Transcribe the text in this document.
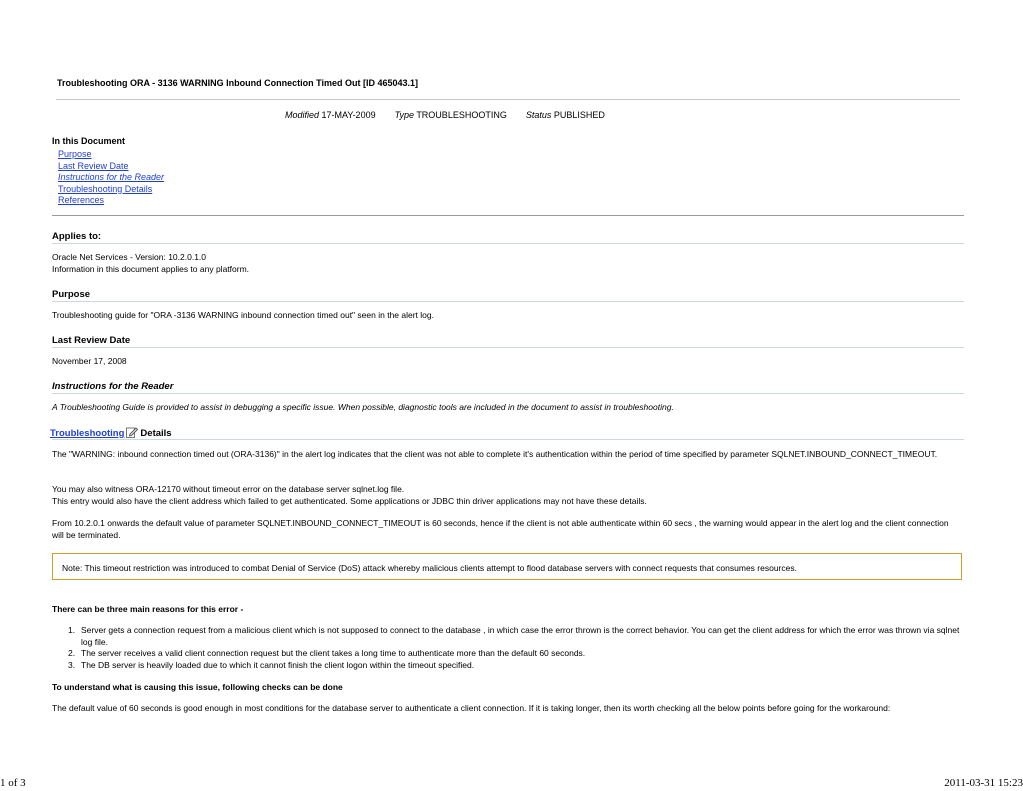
Troubleshooting ORA - 3136 WARNING Inbound Connection Timed Out [ID 465043.1]
Modified 17-MAY-2009 Type TROUBLESHOOTING Status PUBLISHED
In this Document
Purpose
Last Review Date
Instructions for the Reader
Troubleshooting Details
References
Applies to:
Oracle Net Services - Version: 10.2.0.1.0
Information in this document applies to any platform.
Purpose
Troubleshooting guide for "ORA -3136 WARNING inbound connection timed out" seen in the alert log.
Last Review Date
November 17, 2008
Instructions for the Reader
A Troubleshooting Guide is provided to assist in debugging a specific issue. When possible, diagnostic tools are included in the document to assist in troubleshooting.
Troubleshooting Details
The "WARNING: inbound connection timed out (ORA-3136)" in the alert log indicates that the client was not able to complete it's authentication within the period of time specified by parameter SQLNET.INBOUND_CONNECT_TIMEOUT.
You may also witness ORA-12170 without timeout error on the database server sqlnet.log file.
This entry would also have the client address which failed to get authenticated. Some applications or JDBC thin driver applications may not have these details.
From 10.2.0.1 onwards the default value of parameter SQLNET.INBOUND_CONNECT_TIMEOUT is 60 seconds, hence if the client is not able authenticate within 60 secs , the warning would appear in the alert log and the client connection will be terminated.
Note: This timeout restriction was introduced to combat Denial of Service (DoS) attack whereby malicious clients attempt to flood database servers with connect requests that consumes resources.
There can be three main reasons for this error -
1. Server gets a connection request from a malicious client which is not supposed to connect to the database , in which case the error thrown is the correct behavior. You can get the client address for which the error was thrown via sqlnet log file.
2. The server receives a valid client connection request but the client takes a long time to authenticate more than the default 60 seconds.
3. The DB server is heavily loaded due to which it cannot finish the client logon within the timeout specified.
To understand what is causing this issue, following checks can be done
The default value of 60 seconds is good enough in most conditions for the database server to authenticate a client connection. If it is taking longer, then its worth checking all the below points before going for the workaround:
1 of 3	2011-03-31 15:23
